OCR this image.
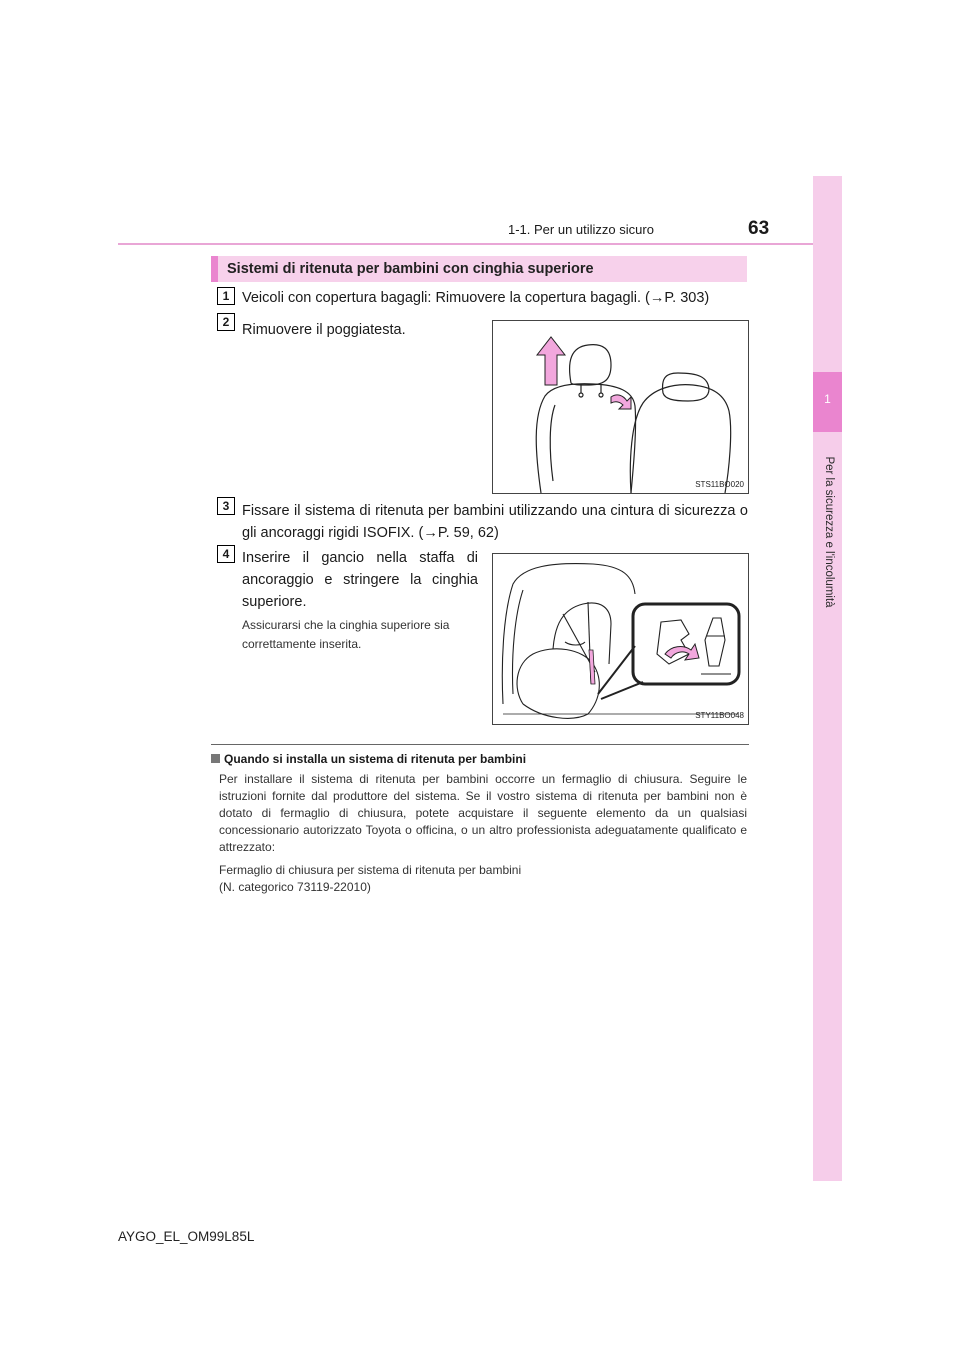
1-1. Per un utilizzo sicuro	63
1
Per la sicurezza e l'incolumità
Sistemi di ritenuta per bambini con cinghia superiore
1 Veicoli con copertura bagagli: Rimuovere la copertura bagagli. (→P. 303)
2 Rimuovere il poggiatesta.
STS11BO020
3 Fissare il sistema di ritenuta per bambini utilizzando una cintura di sicurezza o gli ancoraggi rigidi ISOFIX. (→P. 59, 62)
4 Inserire il gancio nella staffa di ancoraggio e stringere la cinghia superiore.
Assicurarsi che la cinghia superiore sia correttamente inserita.
STY11BO048
Quando si installa un sistema di ritenuta per bambini

Per installare il sistema di ritenuta per bambini occorre un fermaglio di chiusura. Seguire le istruzioni fornite dal produttore del sistema. Se il vostro sistema di ritenuta per bambini non è dotato di fermaglio di chiusura, potete acquistare il seguente elemento da un qualsiasi concessionario autorizzato Toyota o officina, o un altro professionista adeguatamente qualificato e attrezzato:

Fermaglio di chiusura per sistema di ritenuta per bambini
(N. categorico 73119-22010)

AYGO_EL_OM99L85L
